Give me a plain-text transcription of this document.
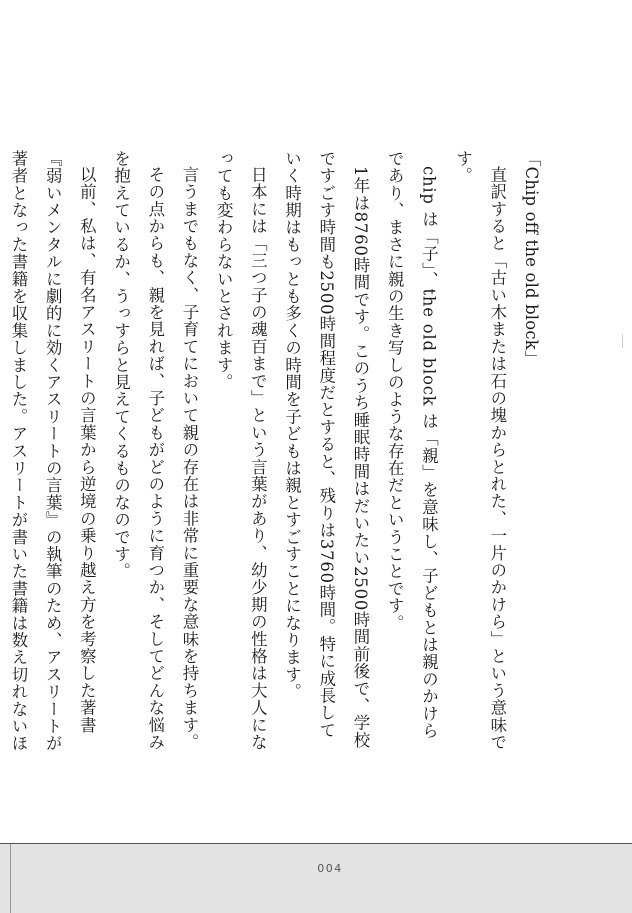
「Chip off the old block」

直訳すると「古い木または石の塊からとれた、一片のかけら」という意味です。

chip は「子」、the old block は「親」を意味し、子どもとは親のかけらであり、まさに親の生き写しのような存在だということです。

1年は8760時間です。このうち睡眠時間はだいたい2500時間前後で、学校ですごす時間も2500時間程度だとすると、残りは3760時間。特に成長していく時期はもっとも多くの時間を子どもは親とすごすことになります。

日本には「三つ子の魂百まで」という言葉があり、幼少期の性格は大人になっても変わらないとされます。

言うまでもなく、子育てにおいて親の存在は非常に重要な意味を持ちます。

その点からも、親を見れば、子どもがどのように育つか、そしてどんな悩みを抱えているか、うっすらと見えてくるものなのです。

以前、私は、有名アスリートの言葉から逆境の乗り越え方を考察した著書『弱いメンタルに劇的に効くアスリートの言葉』の執筆のため、アスリートが著者となった書籍を収集しました。アスリートが書いた書籍は数え切れないほ

004
